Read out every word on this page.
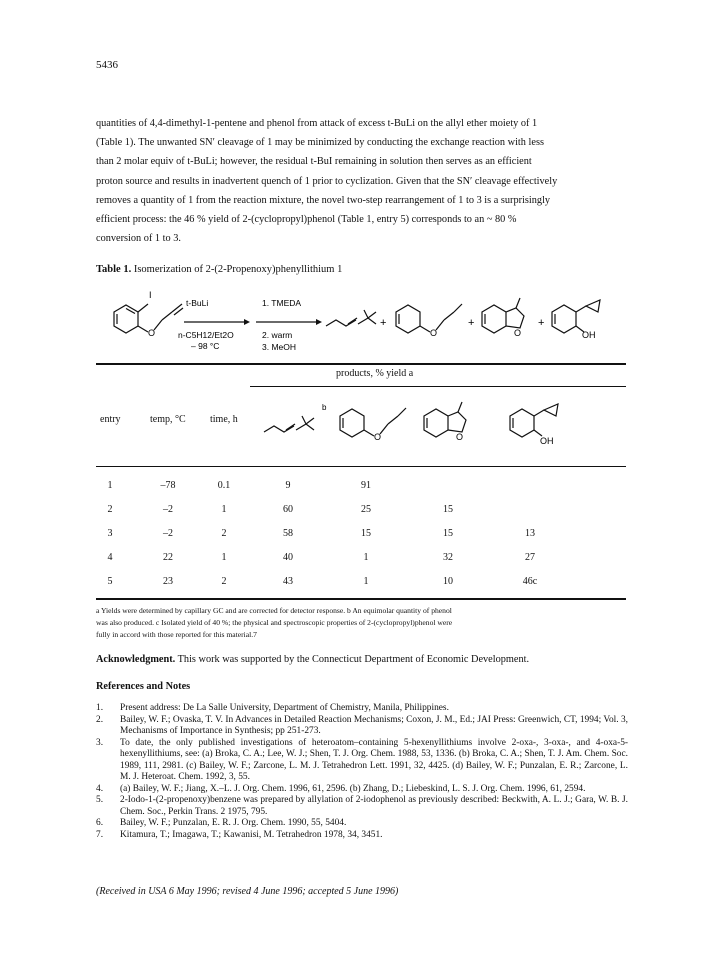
5436
quantities of 4,4-dimethyl-1-pentene and phenol from attack of excess t-BuLi on the allyl ether moiety of 1
(Table 1). The unwanted SN′ cleavage of 1 may be minimized by conducting the exchange reaction with less
than 2 molar equiv of t-BuLi; however, the residual t-BuI remaining in solution then serves as an efficient
proton source and results in inadvertent quench of 1 prior to cyclization. Given that the SN′ cleavage effectively
removes a quantity of 1 from the reaction mixture, the novel two-step rearrangement of 1 to 3 is a surprisingly
efficient process: the 46 % yield of 2-(cyclopropyl)phenol (Table 1, entry 5) corresponds to an ~ 80 %
conversion of 1 to 3.
Table 1. Isomerization of 2-(2-Propenoxy)phenyllithium 1
I
O
t-BuLi
n-C5H12/Et2O
– 98 °C
1. TMEDA
2. warm
3. MeOH
+
O
+
O
+
OH
products, % yield a
entry	temp, °C time, h
b
O	O	OH
1	–78	0.1	9	91
2	–2	1	60	25	15
3	–2	2	58	15	15	13
4	22	1	40	1	32	27
5	23	2	43	1	10	46c
a Yields were determined by capillary GC and are corrected for detector response. b An equimolar quantity of phenol
was also produced. c Isolated yield of 40 %; the physical and spectroscopic properties of 2-(cyclopropyl)phenol were
fully in accord with those reported for this material.7
Acknowledgment. This work was supported by the Connecticut Department of Economic Development.
References and Notes
1.	Present address: De La Salle University, Department of Chemistry, Manila, Philippines.
2.	Bailey, W. F.; Ovaska, T. V. In Advances in Detailed Reaction Mechanisms; Coxon, J. M., Ed.; JAI Press: Greenwich, CT, 1994; Vol. 3, Mechanisms of Importance in Synthesis; pp 251-273.
3.	To date, the only published investigations of heteroatom–containing 5-hexenyllithiums involve 2-oxa-, 3-oxa-, and 4-oxa-5-hexenyllithiums, see: (a) Broka, C. A.; Lee, W. J.; Shen, T. J. Org. Chem. 1988, 53, 1336. (b) Broka, C. A.; Shen, T. J. Am. Chem. Soc. 1989, 111, 2981. (c) Bailey, W. F.; Zarcone, L. M. J. Tetrahedron Lett. 1991, 32, 4425. (d) Bailey, W. F.; Punzalan, E. R.; Zarcone, L. M. J. Heteroat. Chem. 1992, 3, 55.
4.	(a) Bailey, W. F.; Jiang, X.–L. J. Org. Chem. 1996, 61, 2596. (b) Zhang, D.; Liebeskind, L. S. J. Org. Chem. 1996, 61, 2594.
5.	2-Iodo-1-(2-propenoxy)benzene was prepared by allylation of 2-iodophenol as previously described: Beckwith, A. L. J.; Gara, W. B. J. Chem. Soc., Perkin Trans. 2 1975, 795.
6.	Bailey, W. F.; Punzalan, E. R. J. Org. Chem. 1990, 55, 5404.
7.	Kitamura, T.; Imagawa, T.; Kawanisi, M. Tetrahedron 1978, 34, 3451.
(Received in USA 6 May 1996; revised 4 June 1996; accepted 5 June 1996)
